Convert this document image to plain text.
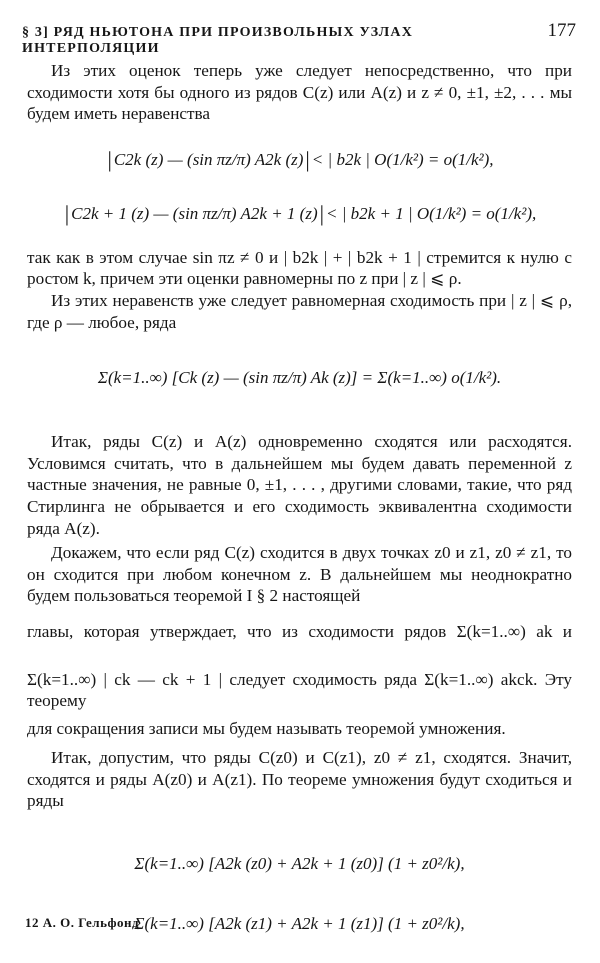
§ 3] РЯД НЬЮТОНА ПРИ ПРОИЗВОЛЬНЫХ УЗЛАХ ИНТЕРПОЛЯЦИИ
177

Из этих оценок теперь уже следует непосредственно, что при сходимости хотя бы одного из рядов C(z) или A(z) и z ≠ 0, ±1, ±2, . . . мы будем иметь неравенства

| C2k (z) — (sin πz/π) A2k (z) | < | b2k | O(1/k²) = o(1/k²),
| C2k + 1 (z) — (sin πz/π) A2k + 1 (z) | < | b2k + 1 | O(1/k²) = o(1/k²),

так как в этом случае sin πz ≠ 0 и | b2k | + | b2k + 1 | стремится к нулю с ростом k, причем эти оценки равномерны по z при | z | ⩽ ρ.

Из этих неравенств уже следует равномерная сходимость при | z | ⩽ ρ, где ρ — любое, ряда

Σ(k=1..∞) [Ck (z) — (sin πz/π) Ak (z)] = Σ(k=1..∞) o(1/k²).

Итак, ряды C(z) и A(z) одновременно сходятся или расходятся. Условимся считать, что в дальнейшем мы будем давать переменной z частные значения, не равные 0, ±1, . . . , другими словами, такие, что ряд Стирлинга не обрывается и его сходимость эквивалентна сходимости ряда A(z).

Докажем, что если ряд C(z) сходится в двух точках z0 и z1, z0 ≠ z1, то он сходится при любом конечном z. В дальнейшем мы неоднократно будем пользоваться теоремой I § 2 настоящей

главы, которая утверждает, что из сходимости рядов Σ(k=1..∞) ak и

Σ(k=1..∞) | ck — ck + 1 | следует сходимость ряда Σ(k=1..∞) akck. Эту теорему

для сокращения записи мы будем называть теоремой умножения.

Итак, допустим, что ряды C(z0) и C(z1), z0 ≠ z1, сходятся. Значит, сходятся и ряды A(z0) и A(z1). По теореме умножения будут сходиться и ряды

Σ(k=1..∞) [A2k (z0) + A2k + 1 (z0)] (1 + z0²/k),
Σ(k=1..∞) [A2k (z1) + A2k + 1 (z1)] (1 + z0²/k),
12 А. О. Гельфонд
